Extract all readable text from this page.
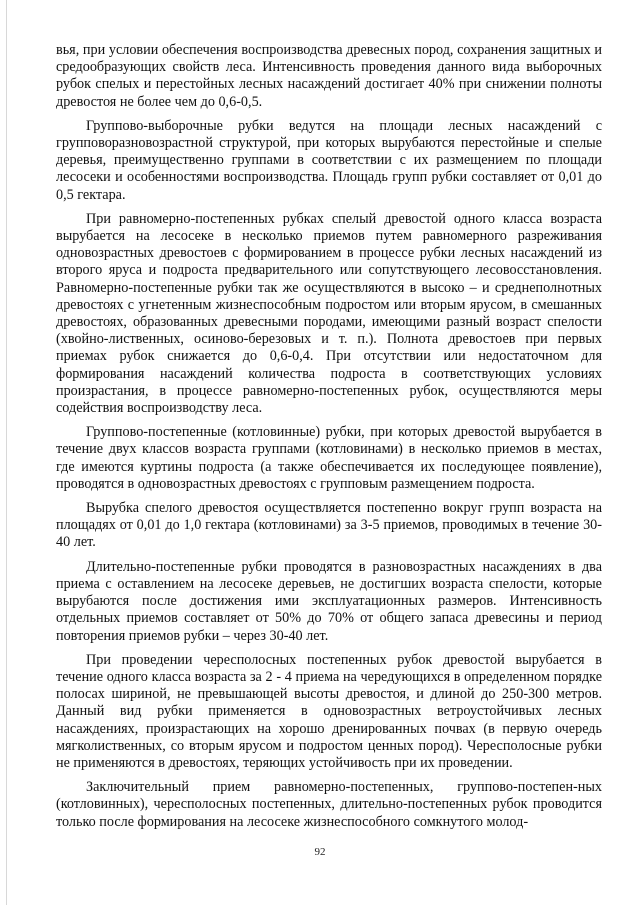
вья, при условии обеспечения воспроизводства древесных пород, сохранения защитных и средообразующих свойств леса. Интенсивность проведения данного вида выборочных рубок спелых и перестойных лесных насаждений достигает 40% при снижении полноты древостоя не более чем до 0,6-0,5.

Группово-выборочные рубки ведутся на площади лесных насаждений с групповоразновозрастной структурой, при которых вырубаются перестойные и спелые деревья, преимущественно группами в соответствии с их размещением по площади лесосеки и особенностями воспроизводства. Площадь групп рубки составляет от 0,01 до 0,5 гектара.

При равномерно-постепенных рубках спелый древостой одного класса возраста вырубается на лесосеке в несколько приемов путем равномерного разреживания одновозрастных древостоев с формированием в процессе рубки лесных насаждений из второго яруса и подроста предварительного или сопутствующего лесовосстановления. Равномерно-постепенные рубки так же осуществляются в высоко – и среднеполнотных древостоях с угнетенным жизнеспособным подростом или вторым ярусом, в смешанных древостоях, образованных древесными породами, имеющими разный возраст спелости (хвойно-лиственных, осиново-березовых и т. п.). Полнота древостоев при первых приемах рубок снижается до 0,6-0,4. При отсутствии или недостаточном для формирования насаждений количества подроста в соответствующих условиях произрастания, в процессе равномерно-постепенных рубок, осуществляются меры содействия воспроизводству леса.

Группово-постепенные (котловинные) рубки, при которых древостой вырубается в течение двух классов возраста группами (котловинами) в несколько приемов в местах, где имеются куртины подроста (а также обеспечивается их последующее появление), проводятся в одновозрастных древостоях с групповым размещением подроста.

Вырубка спелого древостоя осуществляется постепенно вокруг групп возраста на площадях от 0,01 до 1,0 гектара (котловинами) за 3-5 приемов, проводимых в течение 30-40 лет.

Длительно-постепенные рубки проводятся в разновозрастных насаждениях в два приема с оставлением на лесосеке деревьев, не достигших возраста спелости, которые вырубаются после достижения ими эксплуатационных размеров. Интенсивность отдельных приемов составляет от 50% до 70% от общего запаса древесины и период повторения приемов рубки – через 30-40 лет.

При проведении чересполосных постепенных рубок древостой вырубается в течение одного класса возраста за 2 - 4 приема на чередующихся в определенном порядке полосах шириной, не превышающей высоты древостоя, и длиной до 250-300 метров. Данный вид рубки применяется в одновозрастных ветроустойчивых лесных насаждениях, произрастающих на хорошо дренированных почвах (в первую очередь мягколиственных, со вторым ярусом и подростом ценных пород). Чересполосные рубки не применяются в древостоях, теряющих устойчивость при их проведении.

Заключительный прием равномерно-постепенных, группово-постепен-ных (котловинных), чересполосных постепенных, длительно-постепенных рубок проводится только после формирования на лесосеке жизнеспособного сомкнутого молод-

92
